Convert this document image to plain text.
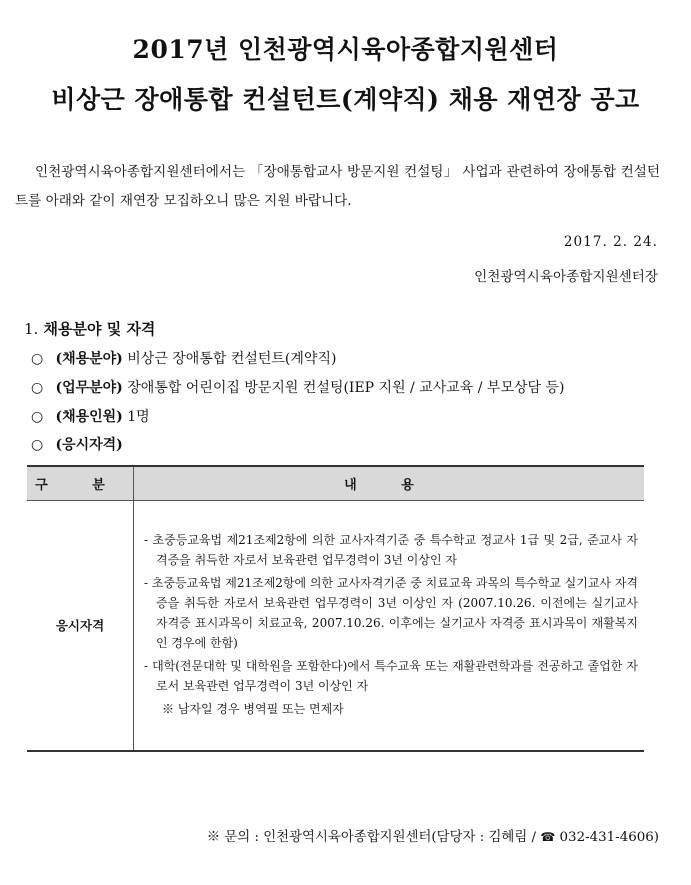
2017년 인천광역시육아종합지원센터
비상근 장애통합 컨설턴트(계약직) 채용 재연장 공고
인천광역시육아종합지원센터에서는 「장애통합교사 방문지원 컨설팅」 사업과 관련하여 장애통합 컨설턴트를 아래와 같이 재연장 모집하오니 많은 지원 바랍니다.
2017. 2. 24.
인천광역시육아종합지원센터장
1. 채용분야 및 자격
○ (채용분야) 비상근 장애통합 컨설턴트(계약직)
○ (업무분야) 장애통합 어린이집 방문지원 컨설팅(IEP 지원 / 교사교육 / 부모상담 등)
○ (채용인원) 1명
○ (응시자격)
구 분	내 용
응시자격	- 초중등교육법 제21조제2항에 의한 교사자격기준 중 특수학교 정교사 1급 및 2급, 준교사 자격증을 취득한 자로서 보육관련 업무경력이 3년 이상인 자
- 초중등교육법 제21조제2항에 의한 교사자격기준 중 치료교육 과목의 특수학교 실기교사 자격증을 취득한 자로서 보육관련 업무경력이 3년 이상인 자 (2007.10.26. 이전에는 실기교사 자격증 표시과목이 치료교육, 2007.10.26. 이후에는 실기교사 자격증 표시과목이 재활복지인 경우에 한함)
- 대학(전문대학 및 대학원을 포함한다)에서 특수교육 또는 재활관련학과를 전공하고 졸업한 자로서 보육관련 업무경력이 3년 이상인 자
※ 남자일 경우 병역필 또는 면제자
※ 문의 : 인천광역시육아종합지원센터(담당자 : 김혜림 / ☎ 032-431-4606)
